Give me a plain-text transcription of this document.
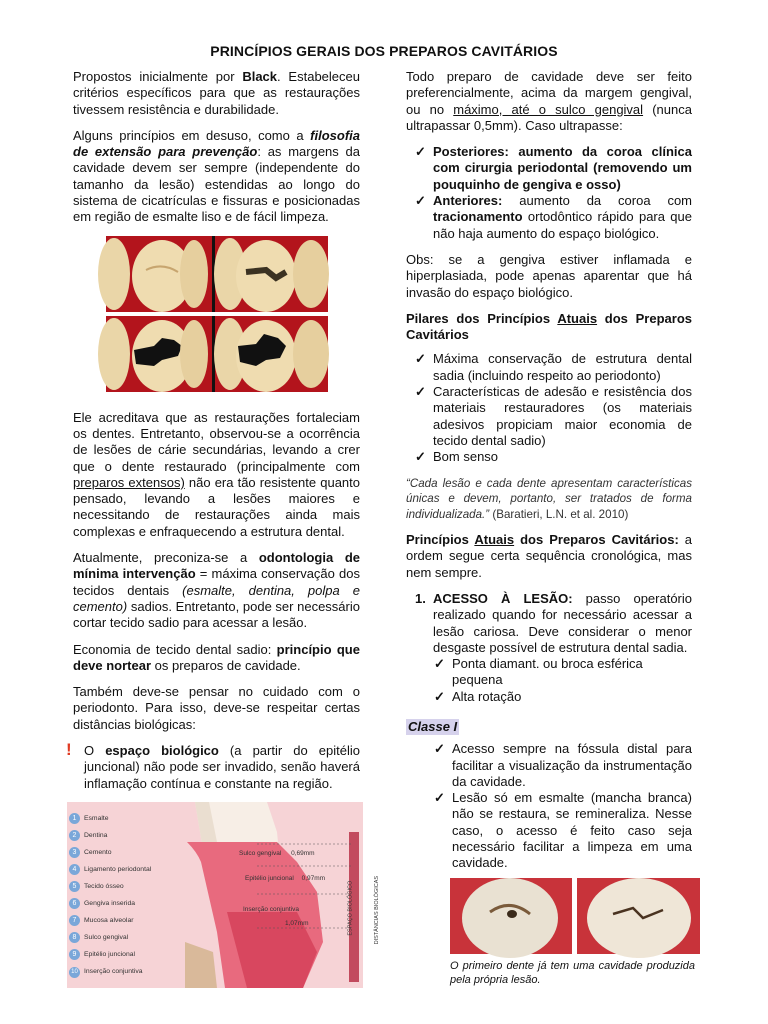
PRINCÍPIOS GERAIS DOS PREPAROS CAVITÁRIOS

Propostos inicialmente por Black. Estabeleceu critérios específicos para que as restaurações tivessem resistência e durabilidade.

Alguns princípios em desuso, como a filosofia de extensão para prevenção: as margens da cavidade devem ser sempre (independente do tamanho da lesão) estendidas ao longo do sistema de cicatrículas e fissuras e posicionadas em região de esmalte liso e de fácil limpeza.

Ele acreditava que as restaurações fortaleciam os dentes. Entretanto, observou-se a ocorrência de lesões de cárie secundárias, levando a crer que o dente restaurado (principalmente com preparos extensos) não era tão resistente quanto pensado, levando a lesões maiores e necessitando de restaurações ainda mais complexas e enfraquecendo a estrutura dental.

Atualmente, preconiza-se a odontologia de mínima intervenção = máxima conservação dos tecidos dentais (esmalte, dentina, polpa e cemento) sadios. Entretanto, pode ser necessário cortar tecido sadio para acessar a lesão.

Economia de tecido dental sadio: princípio que deve nortear os preparos de cavidade.

Também deve-se pensar no cuidado com o periodonto. Para isso, deve-se respeitar certas distâncias biológicas:

! O espaço biológico (a partir do epitélio juncional) não pode ser invadido, senão haverá inflamação contínua e constante na região.
1 Esmalte
2 Dentina
3 Cemento
4 Ligamento periodontal
5 Tecido ósseo
6 Gengiva inserida
7 Mucosa alveolar
8 Sulco gengival
9 Epitélio juncional
10 Inserção conjuntiva
Sulco gengival 0,69mm
Epitélio juncional 0,97mm
Inserção conjuntiva
1,07mm	ESPAÇO BIOLÓGICO	DISTÂNCIAS BIOLÓGICAS

Todo preparo de cavidade deve ser feito preferencialmente, acima da margem gengival, ou no máximo, até o sulco gengival (nunca ultrapassar 0,5mm). Caso ultrapasse:

✓ Posteriores: aumento da coroa clínica com cirurgia periodontal (removendo um pouquinho de gengiva e osso)
✓ Anteriores: aumento da coroa com tracionamento ortodôntico rápido para que não haja aumento do espaço biológico.

Obs: se a gengiva estiver inflamada e hiperplasiada, pode apenas aparentar que há invasão do espaço biológico.

Pilares dos Princípios Atuais dos Preparos Cavitários

✓ Máxima conservação de estrutura dental sadia (incluindo respeito ao periodonto)
✓ Características de adesão e resistência dos materiais restauradores (os materiais adesivos propiciam maior economia de tecido dental sadio)
✓ Bom senso

“Cada lesão e cada dente apresentam características únicas e devem, portanto, ser tratados de forma individualizada.” (Baratieri, L.N. et al. 2010)

Princípios Atuais dos Preparos Cavitários: a ordem segue certa sequência cronológica, mas nem sempre.

1. ACESSO À LESÃO: passo operatório realizado quando for necessário acessar a lesão cariosa. Deve considerar o menor desgaste possível de estrutura dental sadia.
✓ Ponta diamant. ou broca esférica pequena
✓ Alta rotação
Classe I
✓ Acesso sempre na fóssula distal para facilitar a visualização da instrumentação da cavidade.
✓ Lesão só em esmalte (mancha branca) não se restaura, se remineraliza. Nesse caso, o acesso é feito caso seja necessário facilitar a limpeza em uma cavidade.
O primeiro dente já tem uma cavidade produzida pela própria lesão.
